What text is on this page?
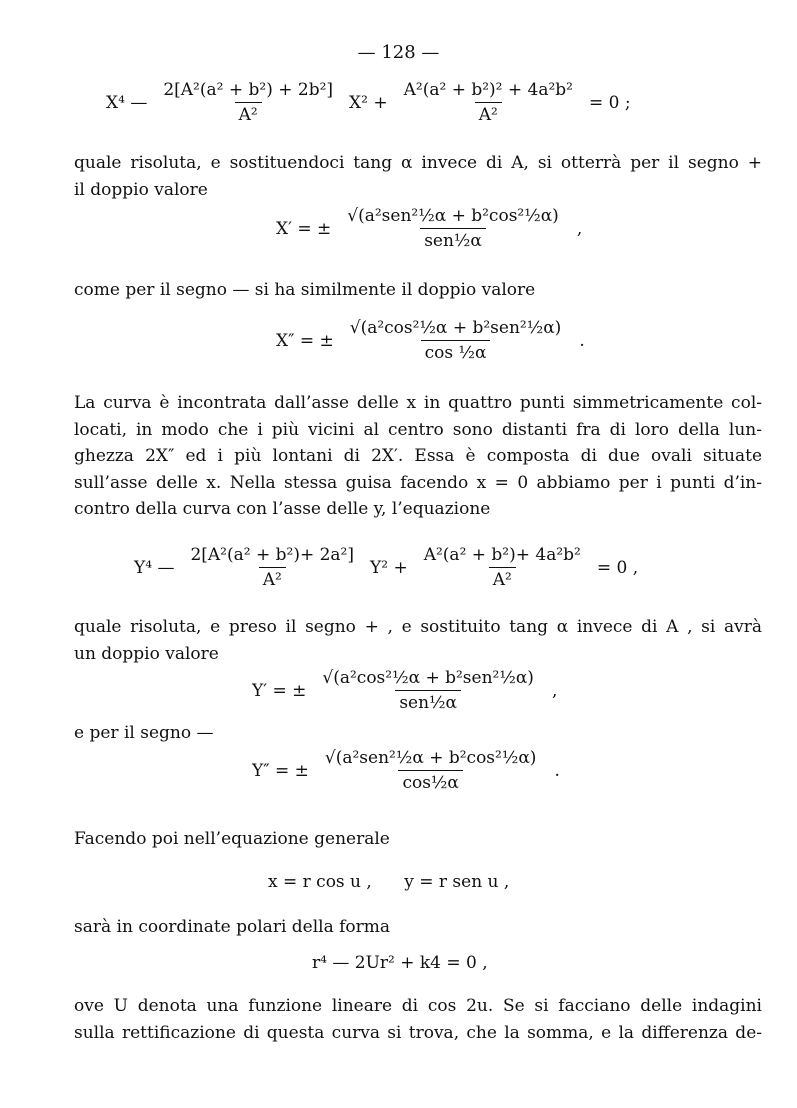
— 128 —
X⁴ — $\frac{\text{2[A²(a² + b²) + 2b²]}}{\text{A²}} X^2 + \frac{\text{A²(a² + b²)² + 4a²b²}}{\text{A²}} = 0$ ;
quale risoluta, e sostituendoci tang α invece di A, si otterrà per il segno +
il doppio valore
X′ = ± $\frac{\text{√(a²sen²½α + b²cos²½α)}}{\text{sen½α}}$ ,
come per il segno — si ha similmente il doppio valore
X″ = ± $\frac{\text{√(a²cos²½α + b²sen²½α)}}{\text{cos ½α}}$ .
La curva è incontrata dall’asse delle x in quattro punti simmetricamente col-
locati, in modo che i più vicini al centro sono distanti fra di loro della lun-
ghezza 2X″ ed i più lontani di 2X′. Essa è composta di due ovali situate
sull’asse delle x. Nella stessa guisa facendo x = 0 abbiamo per i punti d’in-
contro della curva con l’asse delle y, l’equazione
Y⁴ — $\frac{\text{2[A²(a² + b²)+ 2a²]}}{\text{A²}} Y^2 + \frac{\text{A²(a² + b²)+ 4a²b²}}{\text{A²}} = 0$ ,
quale risoluta, e preso il segno + , e sostituito tang α invece di A , si avrà
un doppio valore
Y′ = ± $\frac{\text{√(a²cos²½α + b²sen²½α)}}{\text{sen½α}}$ ,
e per il segno —
Y″ = ± $\frac{\text{√(a²sen²½α + b²cos²½α)}}{\text{cos½α}}$ .
Facendo poi nell’equazione generale
x = r cos u ,      y = r sen u ,
sarà in coordinate polari della forma
r⁴ — 2Ur² + k4 = 0 ,
ove U denota una funzione lineare di cos 2u. Se si facciano delle indagini
sulla rettificazione di questa curva si trova, che la somma, e la differenza de-
